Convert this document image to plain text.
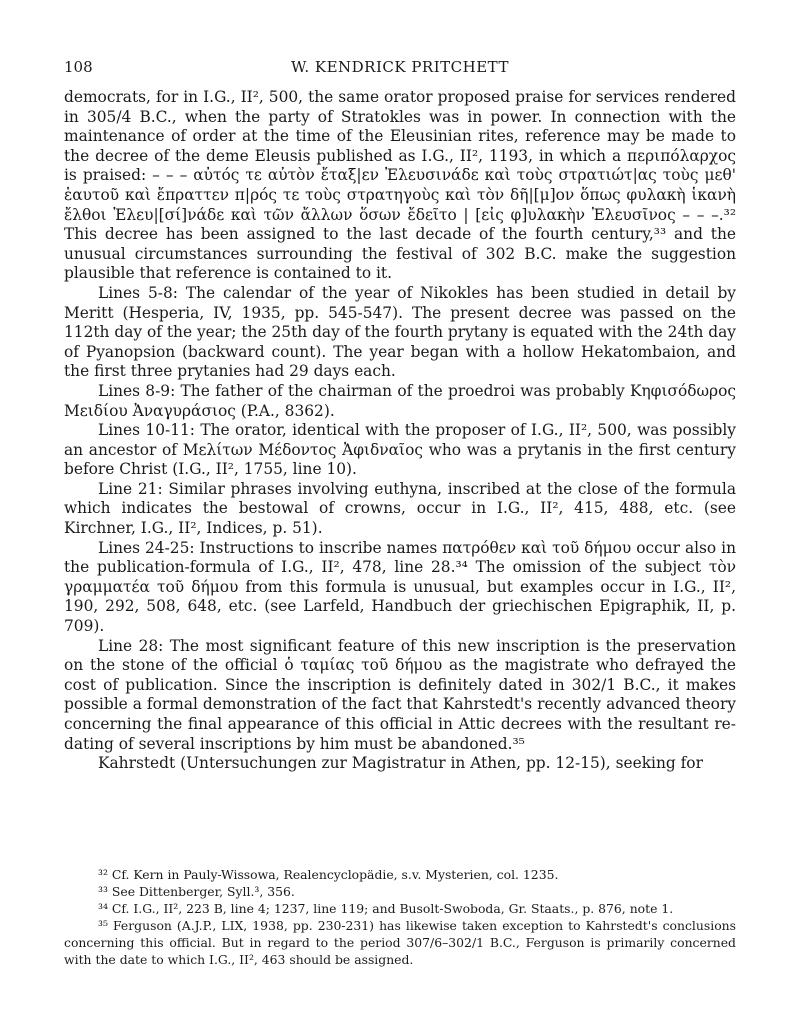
108	W. KENDRICK PRITCHETT

democrats, for in I.G., II², 500, the same orator proposed praise for services rendered in 305/4 B.C., when the party of Stratokles was in power. In connection with the maintenance of order at the time of the Eleusinian rites, reference may be made to the decree of the deme Eleusis published as I.G., II², 1193, in which a περιπόλαρχος is praised: – – – αὐτός τε αὐτὸν ἔταξ|εν Ἐλευσινάδε καὶ τοὺς στρατιώτ|ας τοὺς μεθ' ἑαυτοῦ καὶ ἔπραττεν π|ρός τε τοὺς στρατηγοὺς καὶ τὸν δῆ|[μ]ον ὅπως φυλακὴ ἱκανὴ ἔλθοι Ἐλευ|[σί]νάδε καὶ τῶν ἄλλων ὅσων ἔδεῖτο | [εἰς φ]υλακὴν Ἐλευσῖνος – – –.³² This decree has been assigned to the last decade of the fourth century,³³ and the unusual circumstances surrounding the festival of 302 B.C. make the suggestion plausible that reference is contained to it.

Lines 5-8: The calendar of the year of Nikokles has been studied in detail by Meritt (Hesperia, IV, 1935, pp. 545-547). The present decree was passed on the 112th day of the year; the 25th day of the fourth prytany is equated with the 24th day of Pyanopsion (backward count). The year began with a hollow Hekatombaion, and the first three prytanies had 29 days each.

Lines 8-9: The father of the chairman of the proedroi was probably Κηφισόδωρος Μειδίου Ἀναγυράσιος (P.A., 8362).

Lines 10-11: The orator, identical with the proposer of I.G., II², 500, was possibly an ancestor of Μελίτων Μέδοντος Ἀφιδναῖος who was a prytanis in the first century before Christ (I.G., II², 1755, line 10).

Line 21: Similar phrases involving euthyna, inscribed at the close of the formula which indicates the bestowal of crowns, occur in I.G., II², 415, 488, etc. (see Kirchner, I.G., II², Indices, p. 51).

Lines 24-25: Instructions to inscribe names πατρόθεν καὶ τοῦ δήμου occur also in the publication-formula of I.G., II², 478, line 28.³⁴ The omission of the subject τὸν γραμματέα τοῦ δήμου from this formula is unusual, but examples occur in I.G., II², 190, 292, 508, 648, etc. (see Larfeld, Handbuch der griechischen Epigraphik, II, p. 709).

Line 28: The most significant feature of this new inscription is the preservation on the stone of the official ὁ ταμίας τοῦ δήμου as the magistrate who defrayed the cost of publication. Since the inscription is definitely dated in 302/1 B.C., it makes possible a formal demonstration of the fact that Kahrstedt's recently advanced theory concerning the final appearance of this official in Attic decrees with the resultant re-dating of several inscriptions by him must be abandoned.³⁵

Kahrstedt (Untersuchungen zur Magistratur in Athen, pp. 12-15), seeking for

³² Cf. Kern in Pauly-Wissowa, Realencyclopädie, s.v. Mysterien, col. 1235.

³³ See Dittenberger, Syll.³, 356.

³⁴ Cf. I.G., II², 223 B, line 4; 1237, line 119; and Busolt-Swoboda, Gr. Staats., p. 876, note 1.

³⁵ Ferguson (A.J.P., LIX, 1938, pp. 230-231) has likewise taken exception to Kahrstedt's conclusions concerning this official. But in regard to the period 307/6–302/1 B.C., Ferguson is primarily concerned with the date to which I.G., II², 463 should be assigned.
